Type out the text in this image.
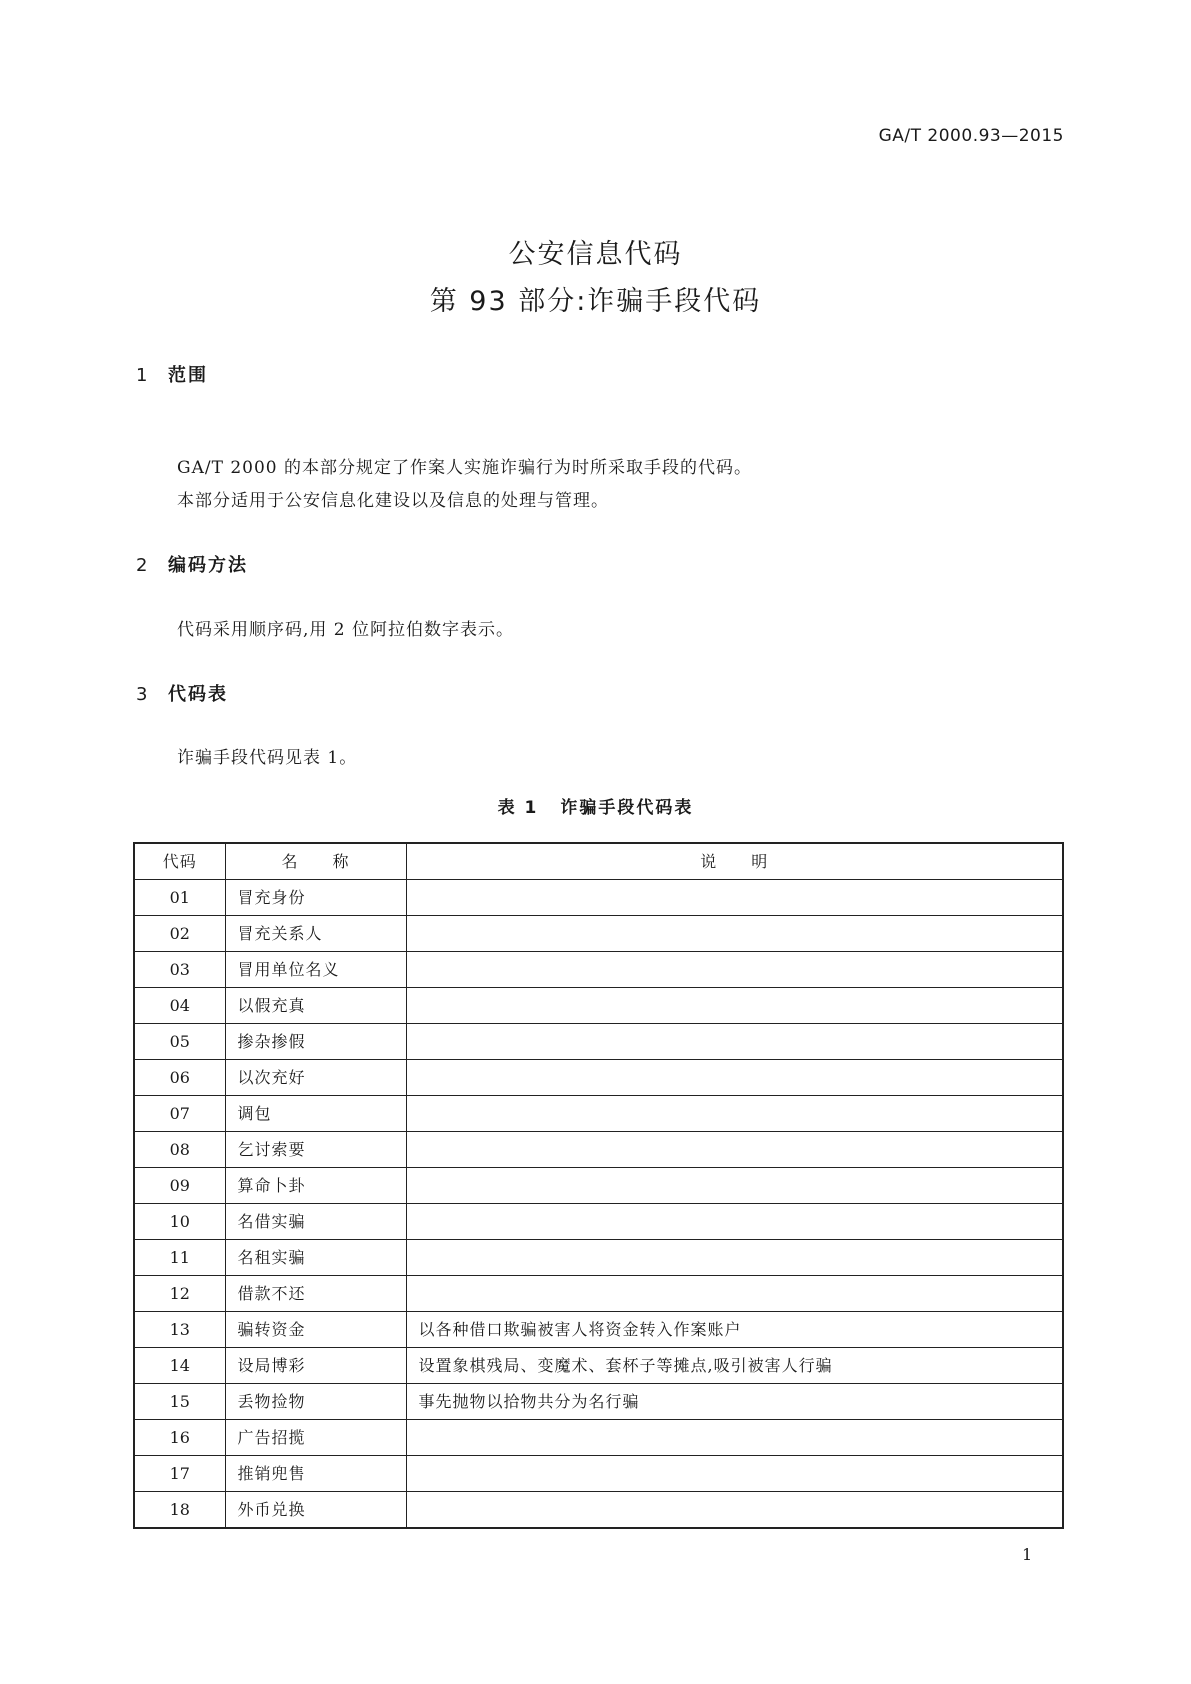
GA/T 2000.93—2015
公安信息代码
第 93 部分:诈骗手段代码
1 范围
GA/T 2000 的本部分规定了作案人实施诈骗行为时所采取手段的代码。
本部分适用于公安信息化建设以及信息的处理与管理。
2 编码方法
代码采用顺序码,用 2 位阿拉伯数字表示。
3 代码表
诈骗手段代码见表 1。
表 1 诈骗手段代码表
代码	名　　称	说　　明
01	冒充身份	
02	冒充关系人	
03	冒用单位名义	
04	以假充真	
05	掺杂掺假	
06	以次充好	
07	调包	
08	乞讨索要	
09	算命卜卦	
10	名借实骗	
11	名租实骗	
12	借款不还	
13	骗转资金	以各种借口欺骗被害人将资金转入作案账户
14	设局博彩	设置象棋残局、变魔术、套杯子等摊点,吸引被害人行骗
15	丢物捡物	事先抛物以拾物共分为名行骗
16	广告招揽	
17	推销兜售	
18	外币兑换	
1
